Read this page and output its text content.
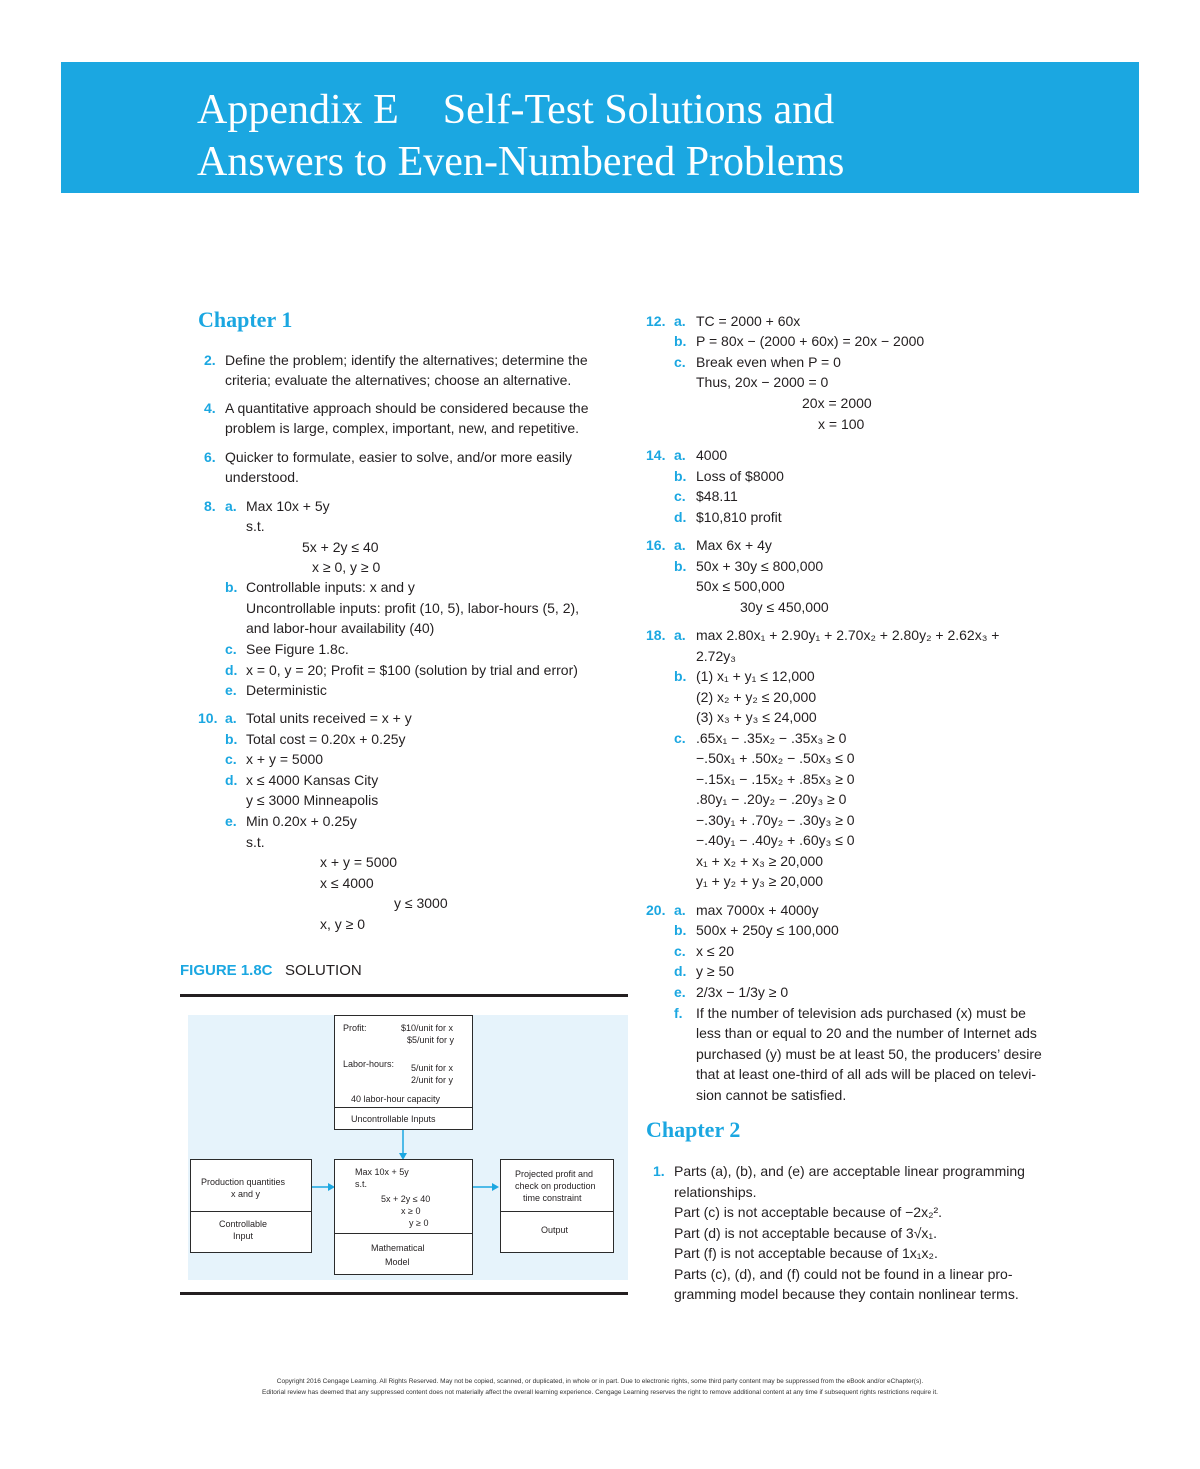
Appendix E Self-Test Solutions and
Answers to Even-Numbered Problems
Chapter 1
2. Define the problem; identify the alternatives; determine the
criteria; evaluate the alternatives; choose an alternative.
4. A quantitative approach should be considered because the
problem is large, complex, important, new, and repetitive.
6. Quicker to formulate, easier to solve, and/or more easily
understood.
8. a. Max 10x + 5y
s.t.
5x + 2y ≤ 40
x ≥ 0, y ≥ 0
b. Controllable inputs: x and y
Uncontrollable inputs: profit (10, 5), labor-hours (5, 2),
and labor-hour availability (40)
c. See Figure 1.8c.
d. x = 0, y = 20; Profit = $100 (solution by trial and error)
e. Deterministic
10. a. Total units received = x + y
b. Total cost = 0.20x + 0.25y
c. x + y = 5000
d. x ≤ 4000 Kansas City
y ≤ 3000 Minneapolis
e. Min 0.20x + 0.25y
s.t.
x + y = 5000
x ≤ 4000
y ≤ 3000
x, y ≥ 0
FIGURE 1.8C SOLUTION
Profit:	$10/unit for x
$5/unit for y
Labor-hours: 5/unit for x
2/unit for y
40 labor-hour capacity
Uncontrollable Inputs
Production quantities
x and y
Controllable
Input
Max 10x + 5y
s.t.
5x + 2y ≤ 40
x ≥ 0
y ≥ 0
Mathematical
Model
Projected profit and
check on production
time constraint
Output
12. a. TC = 2000 + 60x
b. P = 80x − (2000 + 60x) = 20x − 2000
c. Break even when P = 0
Thus, 20x − 2000 = 0
20x = 2000
x = 100
14. a. 4000
b. Loss of $8000
c. $48.11
d. $10,810 profit
16. a. Max 6x + 4y
b. 50x + 30y ≤ 800,000
50x ≤ 500,000
30y ≤ 450,000
18. a. max 2.80x₁ + 2.90y₁ + 2.70x₂ + 2.80y₂ + 2.62x₃ +
2.72y₃
b. (1) x₁ + y₁ ≤ 12,000
(2) x₂ + y₂ ≤ 20,000
(3) x₃ + y₃ ≤ 24,000
c. .65x₁ − .35x₂ − .35x₃ ≥ 0
−.50x₁ + .50x₂ − .50x₃ ≤ 0
−.15x₁ − .15x₂ + .85x₃ ≥ 0
.80y₁ − .20y₂ − .20y₃ ≥ 0
−.30y₁ + .70y₂ − .30y₃ ≥ 0
−.40y₁ − .40y₂ + .60y₃ ≤ 0
x₁ + x₂ + x₃ ≥ 20,000
y₁ + y₂ + y₃ ≥ 20,000
20. a. max 7000x + 4000y
b. 500x + 250y ≤ 100,000
c. x ≤ 20
d. y ≥ 50
e. 2/3x − 1/3y ≥ 0
f. If the number of television ads purchased (x) must be
less than or equal to 20 and the number of Internet ads
purchased (y) must be at least 50, the producers’ desire
that at least one-third of all ads will be placed on televi-
sion cannot be satisfied.
Chapter 2
1. Parts (a), (b), and (e) are acceptable linear programming
relationships.
Part (c) is not acceptable because of −2x₂².
Part (d) is not acceptable because of 3√x₁.
Part (f) is not acceptable because of 1x₁x₂.
Parts (c), (d), and (f) could not be found in a linear pro-
gramming model because they contain nonlinear terms.
Copyright 2016 Cengage Learning. All Rights Reserved. May not be copied, scanned, or duplicated, in whole or in part. Due to electronic rights, some third party content may be suppressed from the eBook and/or eChapter(s).
Editorial review has deemed that any suppressed content does not materially affect the overall learning experience. Cengage Learning reserves the right to remove additional content at any time if subsequent rights restrictions require it.
